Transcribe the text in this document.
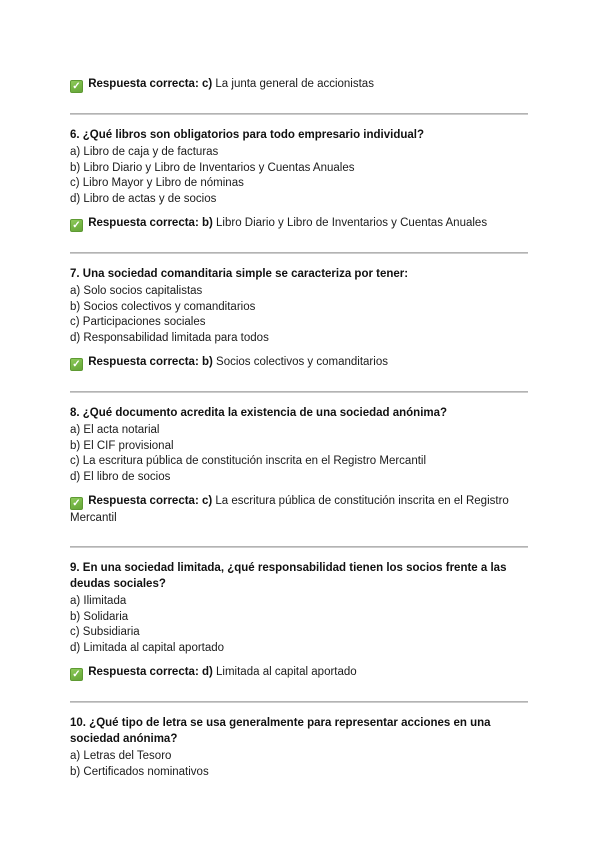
✓ Respuesta correcta: c) La junta general de accionistas
6. ¿Qué libros son obligatorios para todo empresario individual?
a) Libro de caja y de facturas
b) Libro Diario y Libro de Inventarios y Cuentas Anuales
c) Libro Mayor y Libro de nóminas
d) Libro de actas y de socios
✓ Respuesta correcta: b) Libro Diario y Libro de Inventarios y Cuentas Anuales
7. Una sociedad comanditaria simple se caracteriza por tener:
a) Solo socios capitalistas
b) Socios colectivos y comanditarios
c) Participaciones sociales
d) Responsabilidad limitada para todos
✓ Respuesta correcta: b) Socios colectivos y comanditarios
8. ¿Qué documento acredita la existencia de una sociedad anónima?
a) El acta notarial
b) El CIF provisional
c) La escritura pública de constitución inscrita en el Registro Mercantil
d) El libro de socios
✓ Respuesta correcta: c) La escritura pública de constitución inscrita en el Registro Mercantil
9. En una sociedad limitada, ¿qué responsabilidad tienen los socios frente a las deudas sociales?
a) Ilimitada
b) Solidaria
c) Subsidiaria
d) Limitada al capital aportado
✓ Respuesta correcta: d) Limitada al capital aportado
10. ¿Qué tipo de letra se usa generalmente para representar acciones en una sociedad anónima?
a) Letras del Tesoro
b) Certificados nominativos
